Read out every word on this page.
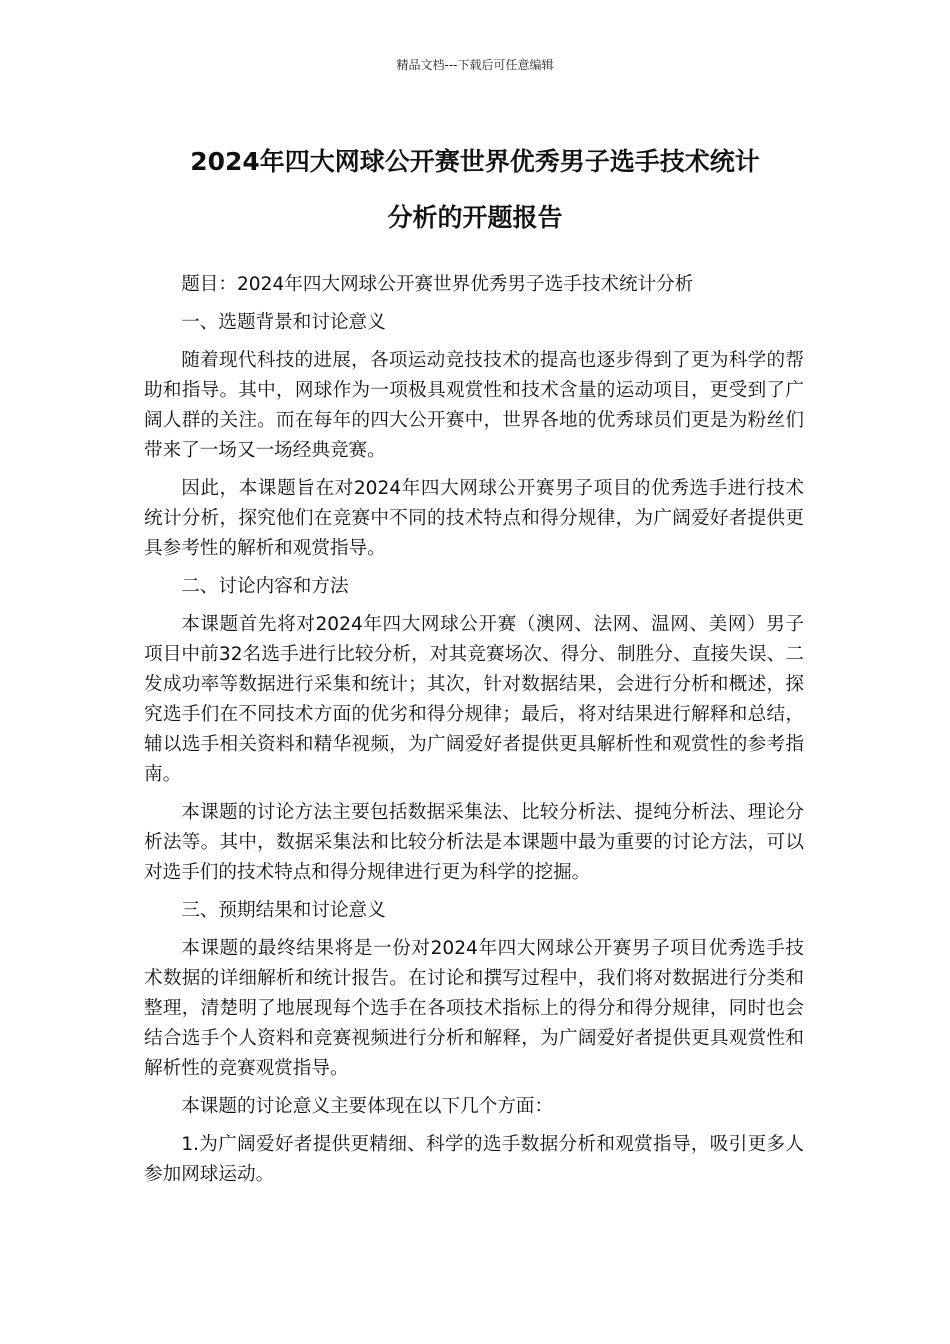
精品文档---下载后可任意编辑
2024年四大网球公开赛世界优秀男子选手技术统计
分析的开题报告

题目：2024年四大网球公开赛世界优秀男子选手技术统计分析

一、选题背景和讨论意义

随着现代科技的进展，各项运动竞技技术的提高也逐步得到了更为科学的帮助和指导。其中，网球作为一项极具观赏性和技术含量的运动项目，更受到了广阔人群的关注。而在每年的四大公开赛中，世界各地的优秀球员们更是为粉丝们带来了一场又一场经典竞赛。

因此，本课题旨在对2024年四大网球公开赛男子项目的优秀选手进行技术统计分析，探究他们在竞赛中不同的技术特点和得分规律，为广阔爱好者提供更具参考性的解析和观赏指导。

二、讨论内容和方法

本课题首先将对2024年四大网球公开赛（澳网、法网、温网、美网）男子项目中前32名选手进行比较分析，对其竞赛场次、得分、制胜分、直接失误、二发成功率等数据进行采集和统计；其次，针对数据结果，会进行分析和概述，探究选手们在不同技术方面的优劣和得分规律；最后，将对结果进行解释和总结，辅以选手相关资料和精华视频，为广阔爱好者提供更具解析性和观赏性的参考指南。

本课题的讨论方法主要包括数据采集法、比较分析法、提纯分析法、理论分析法等。其中，数据采集法和比较分析法是本课题中最为重要的讨论方法，可以对选手们的技术特点和得分规律进行更为科学的挖掘。

三、预期结果和讨论意义

本课题的最终结果将是一份对2024年四大网球公开赛男子项目优秀选手技术数据的详细解析和统计报告。在讨论和撰写过程中，我们将对数据进行分类和整理，清楚明了地展现每个选手在各项技术指标上的得分和得分规律，同时也会结合选手个人资料和竞赛视频进行分析和解释，为广阔爱好者提供更具观赏性和解析性的竞赛观赏指导。

本课题的讨论意义主要体现在以下几个方面：

1.为广阔爱好者提供更精细、科学的选手数据分析和观赏指导，吸引更多人参加网球运动。
